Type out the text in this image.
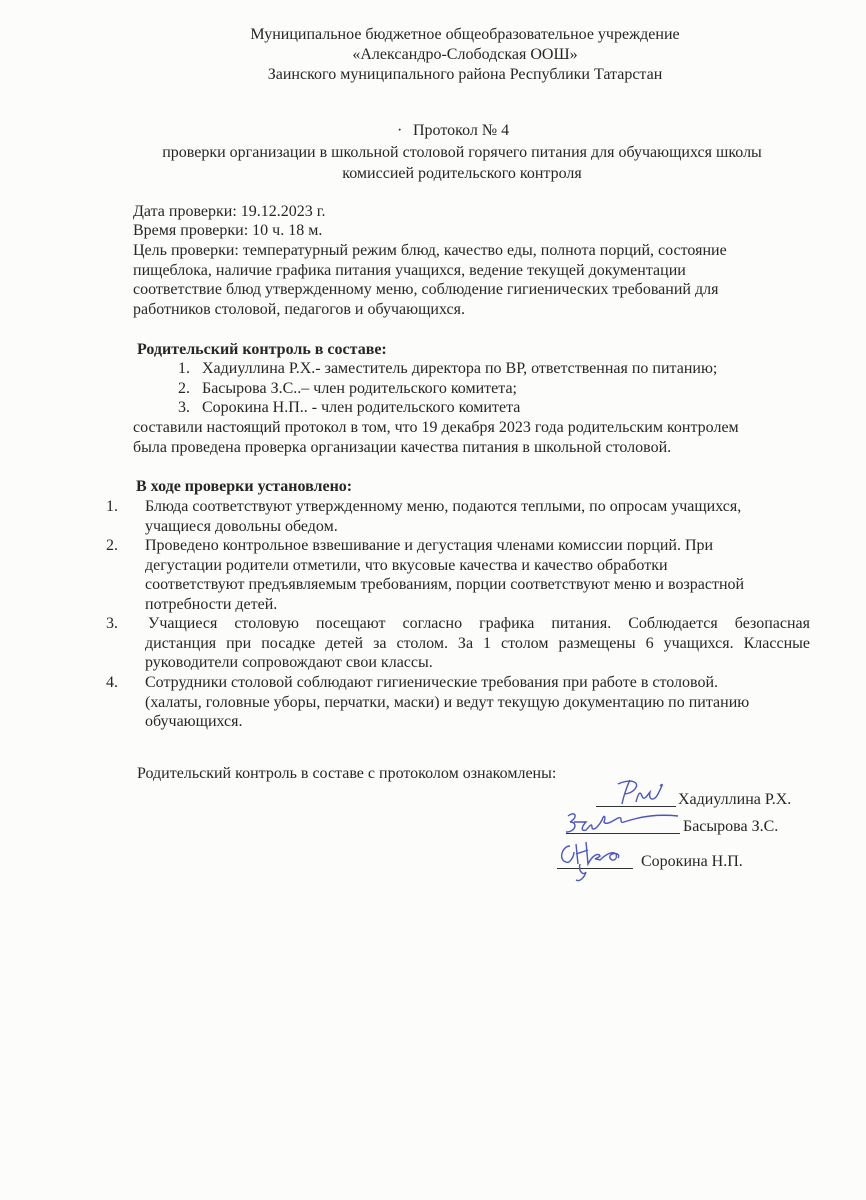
Муниципальное бюджетное общеобразовательное учреждение
«Александро-Слободская ООШ»
Заинского муниципального района Республики Татарстан
· Протокол № 4
проверки организации в школьной столовой горячего питания для обучающихся школы
комиссией родительского контроля
Дата проверки: 19.12.2023 г.
Время проверки: 10 ч. 18 м.
Цель проверки: температурный режим блюд, качество еды, полнота порций, состояние
пищеблока, наличие графика питания учащихся, ведение текущей документации
соответствие блюд утвержденному меню, соблюдение гигиенических требований для
работников столовой, педагогов и обучающихся.
Родительский контроль в составе:
1. Хадиуллина Р.Х.- заместитель директора по ВР, ответственная по питанию;
2. Басырова З.С..– член родительского комитета;
3. Сорокина Н.П.. - член родительского комитета
составили настоящий протокол в том, что 19 декабря 2023 года родительским контролем
была проведена проверка организации качества питания в школьной столовой.
В ходе проверки установлено:
1. Блюда соответствуют утвержденному меню, подаются теплыми, по опросам учащихся,
учащиеся довольны обедом.
2. Проведено контрольное взвешивание и дегустация членами комиссии порций. При
дегустации родители отметили, что вкусовые качества и качество обработки
соответствуют предъявляемым требованиям, порции соответствуют меню и возрастной
потребности детей.
3. Учащиеся столовую посещают согласно графика питания. Соблюдается безопасная
дистанция при посадке детей за столом. За 1 столом размещены 6 учащихся. Классные
руководители сопровождают свои классы.
4. Сотрудники столовой соблюдают гигиенические требования при работе в столовой.
(халаты, головные уборы, перчатки, маски) и ведут текущую документацию по питанию
обучающихся.
Родительский контроль в составе с протоколом ознакомлены:
Хадиуллина Р.Х.
Басырова З.С.
Сорокина Н.П.
